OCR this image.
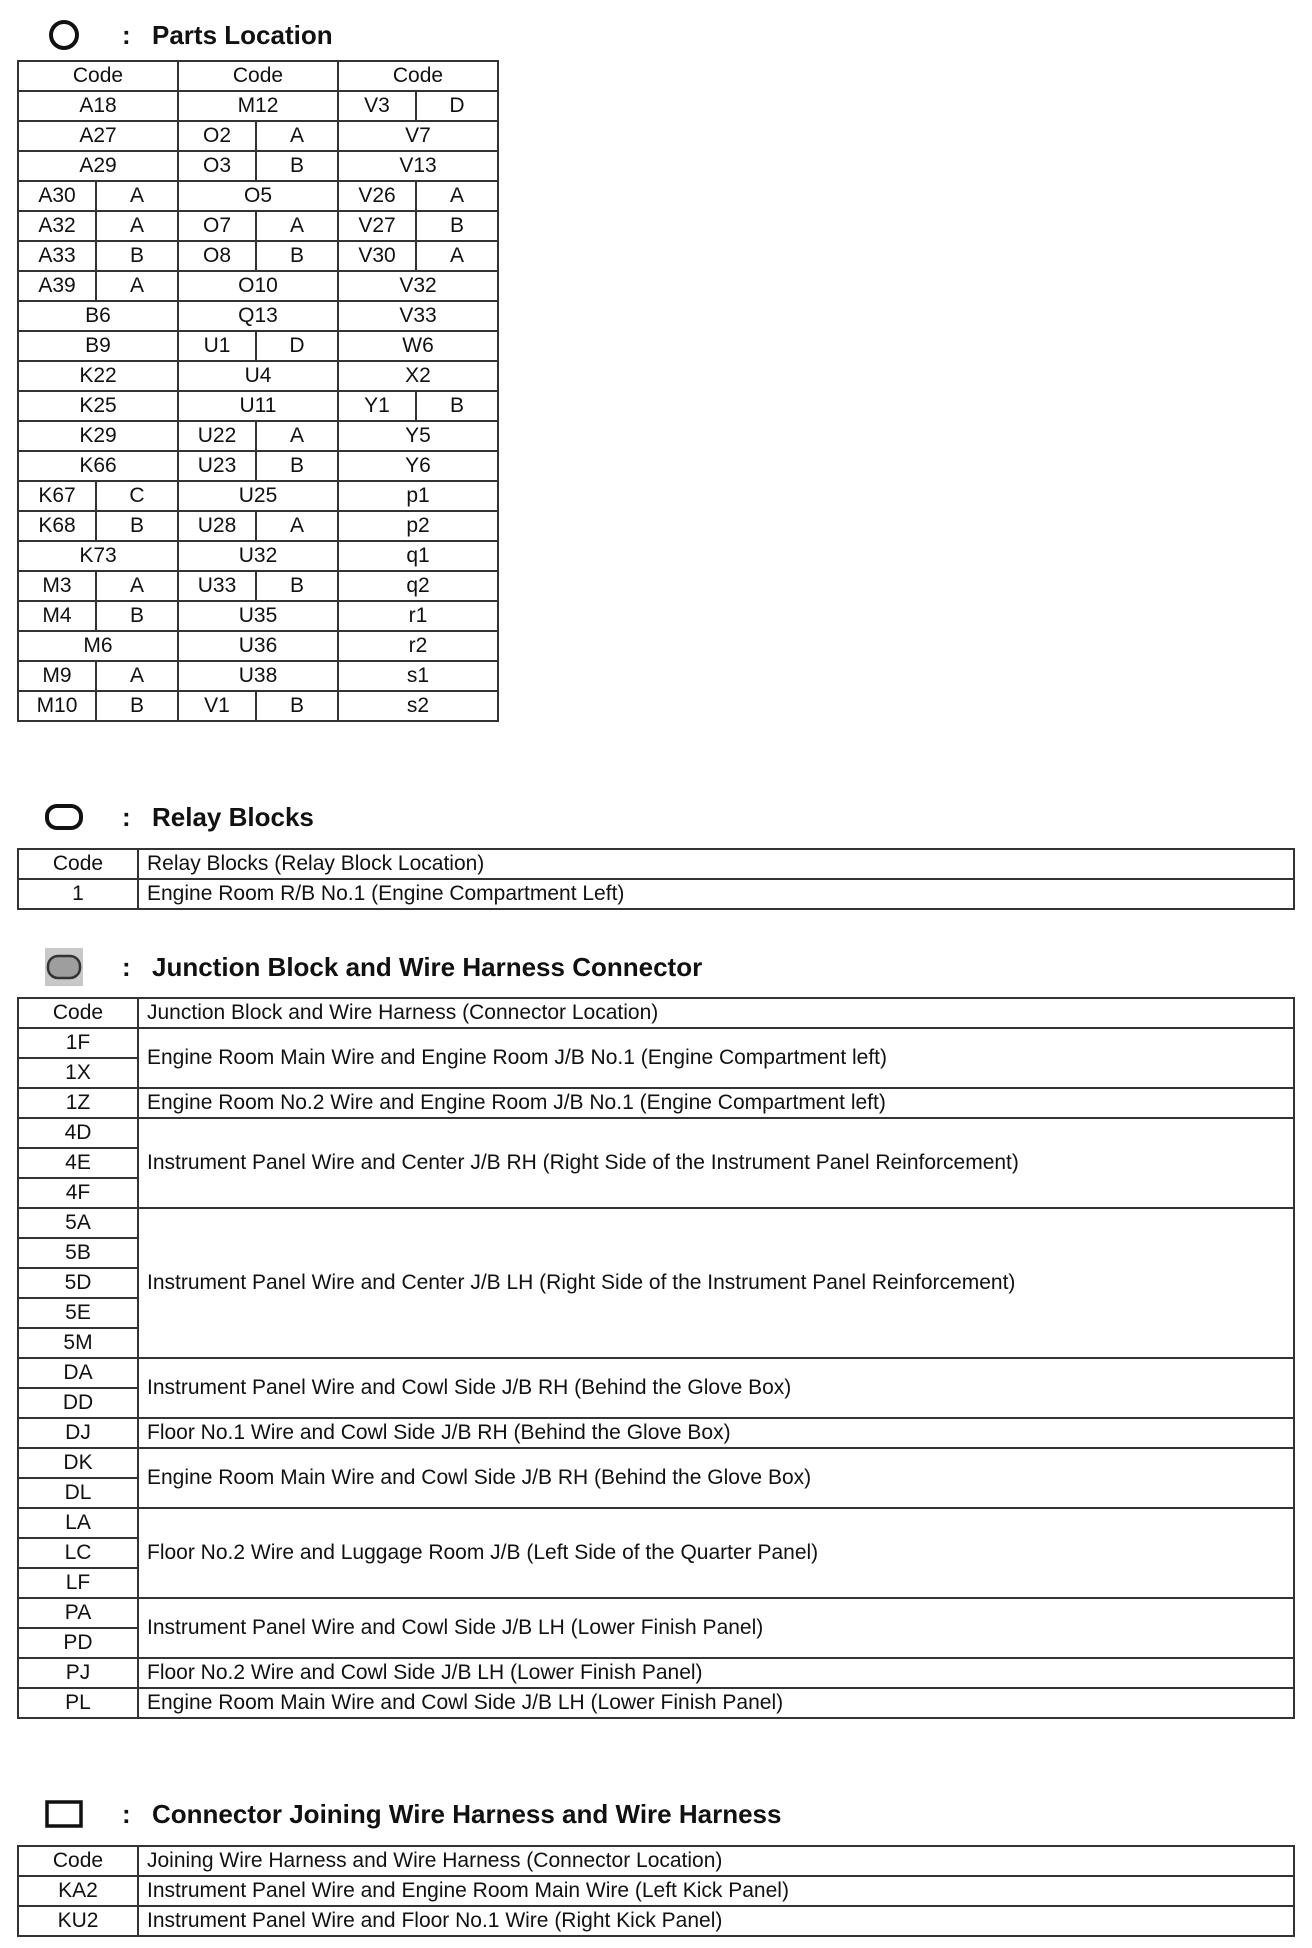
: Parts Location
Code		Code		Code	
A18		M12		V3	D
A27		O2	A	V7	
A29		O3	B	V13	
A30	A	O5		V26	A
A32	A	O7	A	V27	B
A33	B	O8	B	V30	A
A39	A	O10		V32	
B6		Q13		V33	
B9		U1	D	W6	
K22		U4		X2	
K25		U11		Y1	B
K29		U22	A	Y5	
K66		U23	B	Y6	
K67	C	U25		p1	
K68	B	U28	A	p2	
K73		U32		q1	
M3	A	U33	B	q2	
M4	B	U35		r1	
M6		U36		r2	
M9	A	U38		s1	
M10	B	V1	B	s2	
: Relay Blocks
Code	Relay Blocks (Relay Block Location)
1	Engine Room R/B No.1 (Engine Compartment Left)
: Junction Block and Wire Harness Connector
Code	Junction Block and Wire Harness (Connector Location)
1F	Engine Room Main Wire and Engine Room J/B No.1 (Engine Compartment left)
1X	
1Z	Engine Room No.2 Wire and Engine Room J/B No.1 (Engine Compartment left)
4D	Instrument Panel Wire and Center J/B RH (Right Side of the Instrument Panel Reinforcement)
4E	
4F	
5A	Instrument Panel Wire and Center J/B LH (Right Side of the Instrument Panel Reinforcement)
5B	
5D	
5E	
5M	
DA	Instrument Panel Wire and Cowl Side J/B RH (Behind the Glove Box)
DD	
DJ	Floor No.1 Wire and Cowl Side J/B RH (Behind the Glove Box)
DK	Engine Room Main Wire and Cowl Side J/B RH (Behind the Glove Box)
DL	
LA	Floor No.2 Wire and Luggage Room J/B (Left Side of the Quarter Panel)
LC	
LF	
PA	Instrument Panel Wire and Cowl Side J/B LH (Lower Finish Panel)
PD	
PJ	Floor No.2 Wire and Cowl Side J/B LH (Lower Finish Panel)
PL	Engine Room Main Wire and Cowl Side J/B LH (Lower Finish Panel)
: Connector Joining Wire Harness and Wire Harness
Code	Joining Wire Harness and Wire Harness (Connector Location)
KA2	Instrument Panel Wire and Engine Room Main Wire (Left Kick Panel)
KU2	Instrument Panel Wire and Floor No.1 Wire (Right Kick Panel)
